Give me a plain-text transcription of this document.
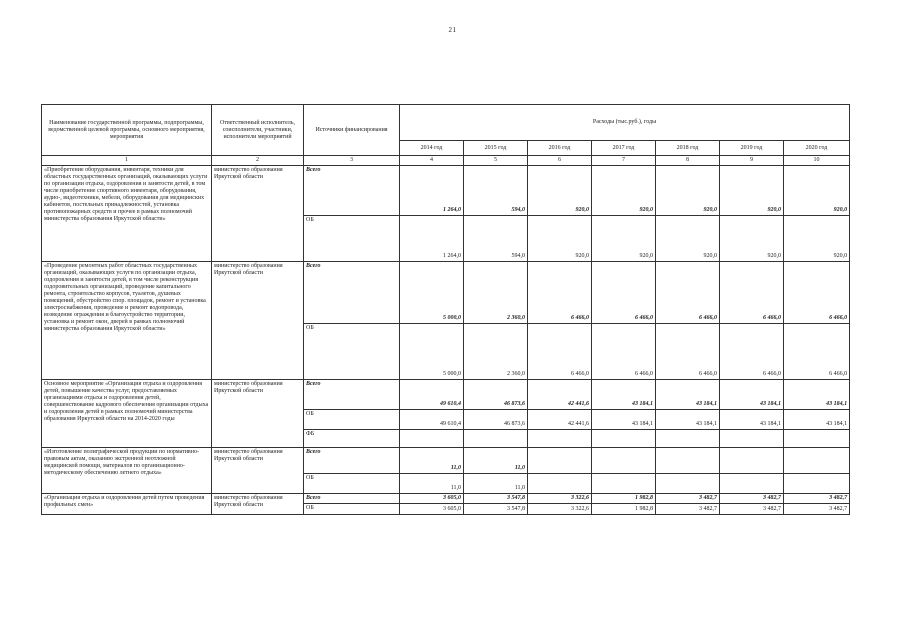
21
Наименование государственной программы, подпрограммы, ведомственной целевой программы, основного мероприятия, мероприятия	Ответственный исполнитель, соисполнители, участники, исполнители мероприятий	Источники финансирования	Расходы (тыс.руб.), годы						
			2014 год	2015 год	2016 год	2017 год	2018 год	2019 год	2020 год
1	2	3	4	5	6	7	8	9	10
«Приобретение оборудования, инвентаря, техники для областных государственных организаций, оказывающих услуги по организации отдыха, оздоровления и занятости детей, в том числе приобретение спортивного инвентаря, оборудования, аудио-, видеотехники, мебели, оборудования для медицинских кабинетов, постельных принадлежностей, установка противопожарных средств и прочее в рамках полномочий министерства образования Иркутской области»	министерство образования Иркутской области	Всего	1 264,0	594,0	920,0	920,0	920,0	920,0	920,0
		ОБ	1 264,0	594,0	920,0	920,0	920,0	920,0	920,0
«Проведение ремонтных работ областных государственных организаций, оказывающих услуги по организации отдыха, оздоровления и занятости детей, в том числе реконструкция оздоровительных организаций, проведение капитального ремонта, строительство корпусов, туалетов, душевых помещений, обустройство спор. площадок, ремонт и установка электроснабжения, проведение и ремонт водопровода, возведение ограждения и благоустройство территории, установка и ремонт окон, дверей в рамках полномочий министерства образования Иркутской области»	министерство образования Иркутской области	Всего	5 000,0	2 360,0	6 466,0	6 466,0	6 466,0	6 466,0	6 466,0
		ОБ	5 000,0	2 360,0	6 466,0	6 466,0	6 466,0	6 466,0	6 466,0
Основное мероприятие «Организация отдыха и оздоровления детей, повышение качества услуг, предоставляемых организациями отдыха и оздоровления детей, совершенствование кадрового обеспечения организации отдыха и оздоровления детей в рамках полномочий министерства образования Иркутской области на 2014-2020 годы	министерство образования Иркутской области	Всего	49 610,4	46 873,6	42 441,6	43 184,1	43 184,1	43 184,1	43 184,1
		ОБ	49 610,4	46 873,6	42 441,6	43 184,1	43 184,1	43 184,1	43 184,1
		ФБ							
«Изготовление полиграфической продукции по нормативно-правовым актам, оказанию экстренной неотложной медицинской помощи, материалов по организационно-методическому обеспечению летнего отдыха»	министерство образования Иркутской области	Всего	11,0	11,0					
		ОБ	11,0	11,0					
«Организация отдыха и оздоровления детей путем проведения профильных смен»	министерство образования Иркутской области	Всего	3 605,0	3 547,8	3 322,6	1 982,8	3 482,7	3 482,7	3 482,7
		ОБ	3 605,0	3 547,8	3 322,6	1 982,8	3 482,7	3 482,7	3 482,7
